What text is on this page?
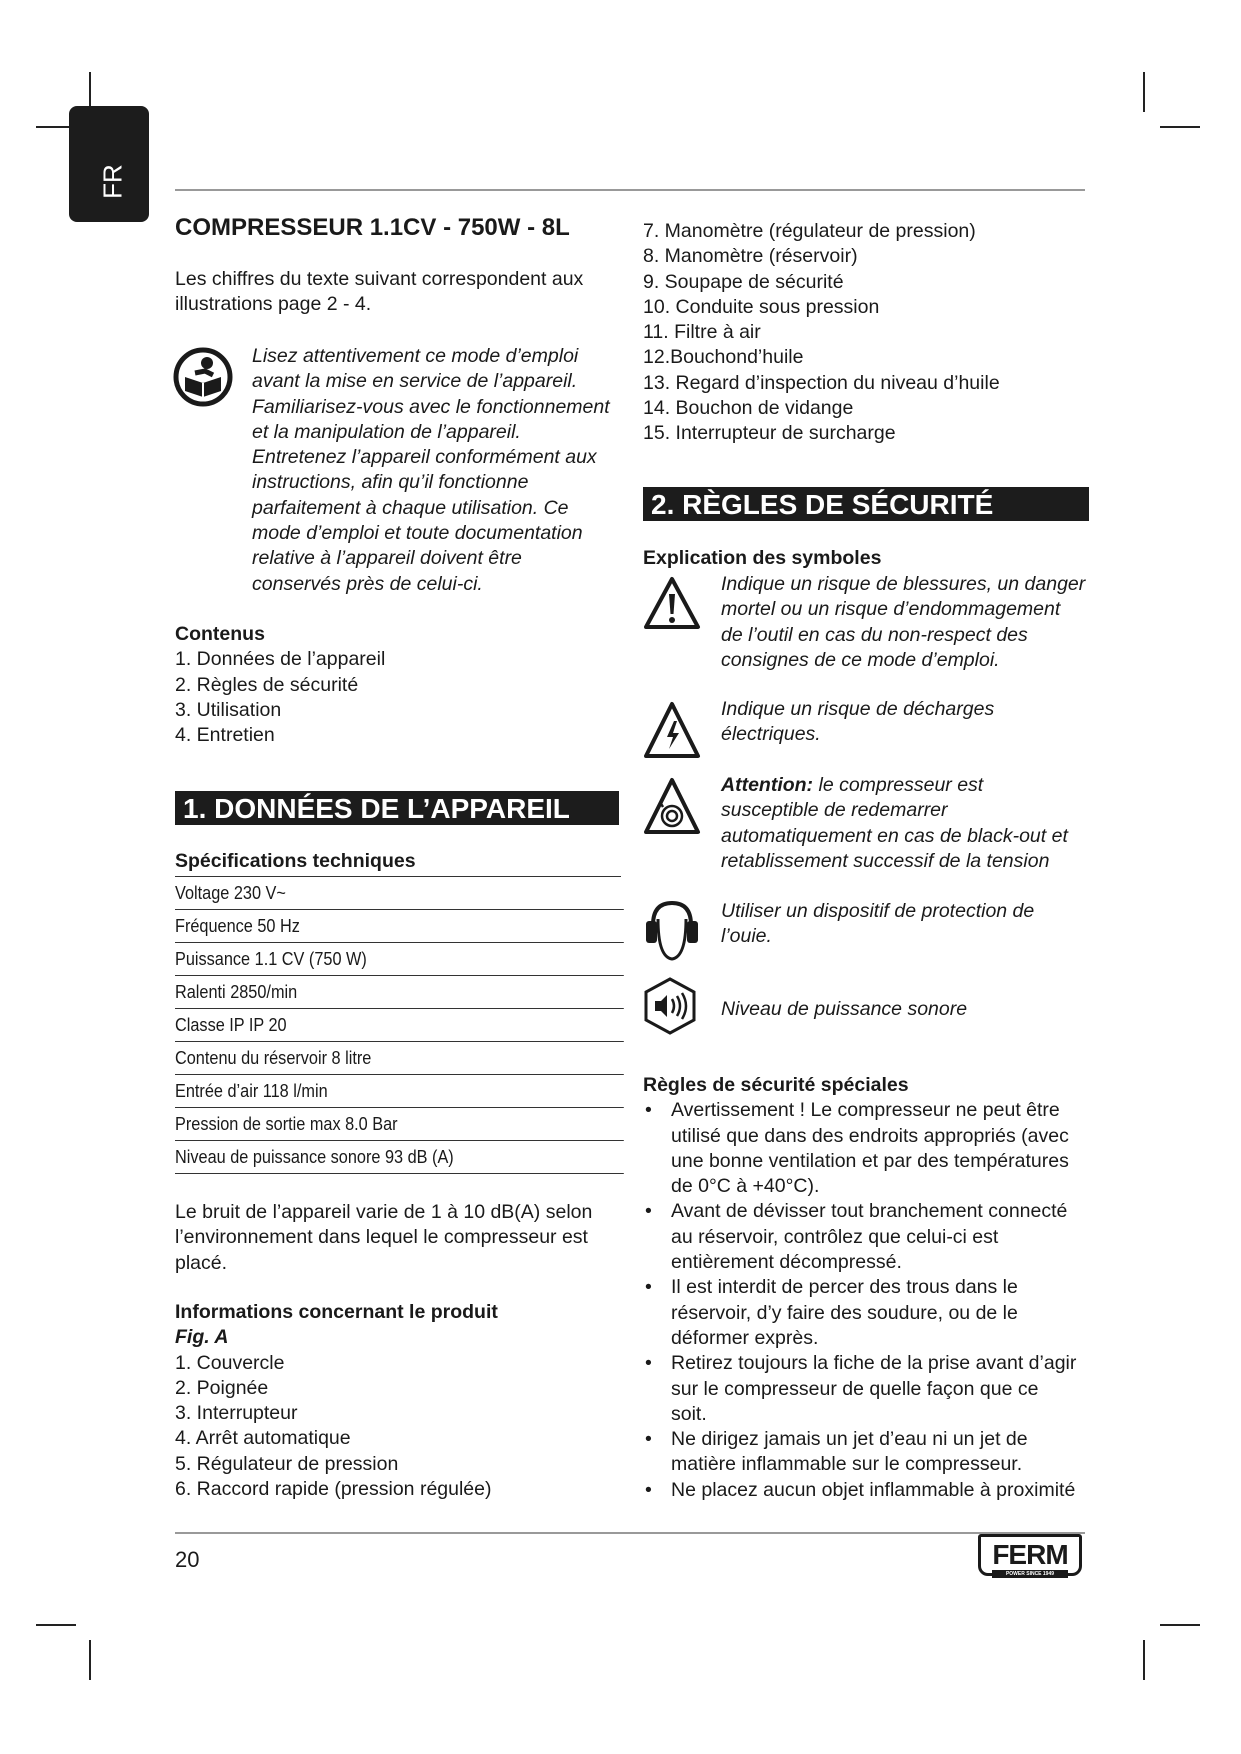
FR
COMPRESSEUR 1.1CV - 750W - 8L
Les chiffres du texte suivant correspondent aux
illustrations page 2 - 4.
Lisez attentivement ce mode d’emploi
avant la mise en service de l’appareil.
Familiarisez-vous avec le fonctionnement
et la manipulation de l’appareil.
Entretenez l’appareil conformément aux
instructions, afin qu’il fonctionne
parfaitement à chaque utilisation. Ce
mode d’emploi et toute documentation
relative à l’appareil doivent être
conservés près de celui-ci.
Contenus
1. Données de l’appareil
2. Règles de sécurité
3. Utilisation
4. Entretien
1. DONNÉES DE L’APPAREIL
Spécifications techniques
Voltage 230 V~
Fréquence 50 Hz
Puissance 1.1 CV (750 W)
Ralenti 2850/min
Classe IP IP 20
Contenu du réservoir 8 litre
Entrée d’air 118 l/min
Pression de sortie max 8.0 Bar
Niveau de puissance sonore 93 dB (A)
Le bruit de l’appareil varie de 1 à 10 dB(A) selon
l’environnement dans lequel le compresseur est
placé.
Informations concernant le produit
Fig. A
1. Couvercle
2. Poignée
3. Interrupteur
4. Arrêt automatique
5. Régulateur de pression
6. Raccord rapide (pression régulée)
7. Manomètre (régulateur de pression)
8. Manomètre (réservoir)
9. Soupape de sécurité
10. Conduite sous pression
11. Filtre à air
12.Bouchond’huile
13. Regard d’inspection du niveau d’huile
14. Bouchon de vidange
15. Interrupteur de surcharge
2. RÈGLES DE SÉCURITÉ
Explication des symboles
Indique un risque de blessures, un danger
mortel ou un risque d’endommagement
de l’outil en cas du non-respect des
consignes de ce mode d’emploi.
Indique un risque de décharges
électriques.
Attention: le compresseur est
susceptible de redemarrer
automatiquement en cas de black-out et
retablissement successif de la tension
Utiliser un dispositif de protection de
l’ouie.
Niveau de puissance sonore
Règles de sécurité spéciales
• Avertissement ! Le compresseur ne peut être
utilisé que dans des endroits appropriés (avec
une bonne ventilation et par des températures
de 0°C à +40°C).
• Avant de dévisser tout branchement connecté
au réservoir, contrôlez que celui-ci est
entièrement décompressé.
• Il est interdit de percer des trous dans le
réservoir, d’y faire des soudure, ou de le
déformer exprès.
• Retirez toujours la fiche de la prise avant d’agir
sur le compresseur de quelle façon que ce
soit.
• Ne dirigez jamais un jet d’eau ni un jet de
matière inflammable sur le compresseur.
• Ne placez aucun objet inflammable à proximité
20	FERM
POWER SINCE 1949
